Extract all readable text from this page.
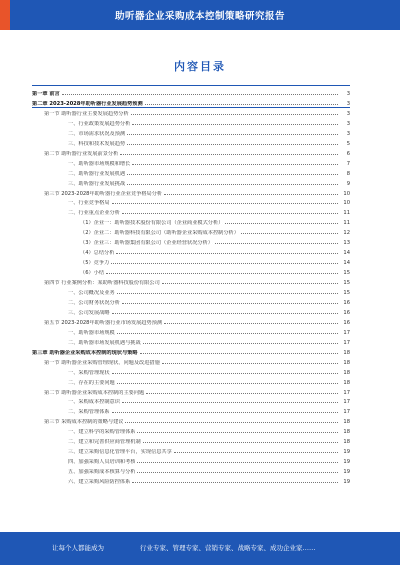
助听器企业采购成本控制策略研究报告
内容目录
第一章 前言	3
第二章 2023-2028年助听器行业发展趋势预测	3
第一节 助听器行业主要发展趋势分析	3
一、行业政策发展趋势分析	3
二、市场需求状况及预测	3
三、科技和技术发展趋势	5
第二节 助听器行业发展前景分析	6
一、助听器市场规模和增长	7
二、助听器行业发展机遇	8
三、助听器行业发展挑战	9
第三节 2023-2028年助听器行业企业竞争格局分析	10
一、行业竞争格局	10
二、行业重点企业分析	11
（1）企业一：助听器技术股份有限公司（企业商业模式分析）	11
（2）企业二：助听器科技有限公司（助听器企业采购成本控制分析）	12
（3）企业三：助听器集团有限公司（企业经营状况分析）	13
（4）总结分析	14
（5）竞争力	14
（6）小结	15
第四节 行业案例分析：某助听器科技股份有限公司	15
一、公司概况及业务	15
二、公司财务状况分析	16
三、公司发展战略	16
第五节 2023-2028年助听器行业市场发展趋势预测	16
一、助听器市场规模	17
二、助听器市场发展机遇与挑战	17
第三章 助听器企业采购成本控制的现状与策略	18
第一节 助听器企业采购管理现状、问题及改进措施	18
一、采购管理现状	18
二、存在的主要问题	18
第二节 助听器企业采购成本控制的主要问题	17
一、采购成本控制意识	17
二、采购管理体系	17
第三节 采购成本控制的策略与建议	18
一、建立科学的采购管理体系	18
二、建立和完善供应商管理机制	18
三、建立采购信息化管理平台，实现信息共享	19
四、加强采购人员培训和考核	19
五、加强采购成本核算与分析	19
六、建立采购风险防控体系	19
让每个人都能成为	行业专家、管理专家、营销专家、战略专家、成功企业家……
